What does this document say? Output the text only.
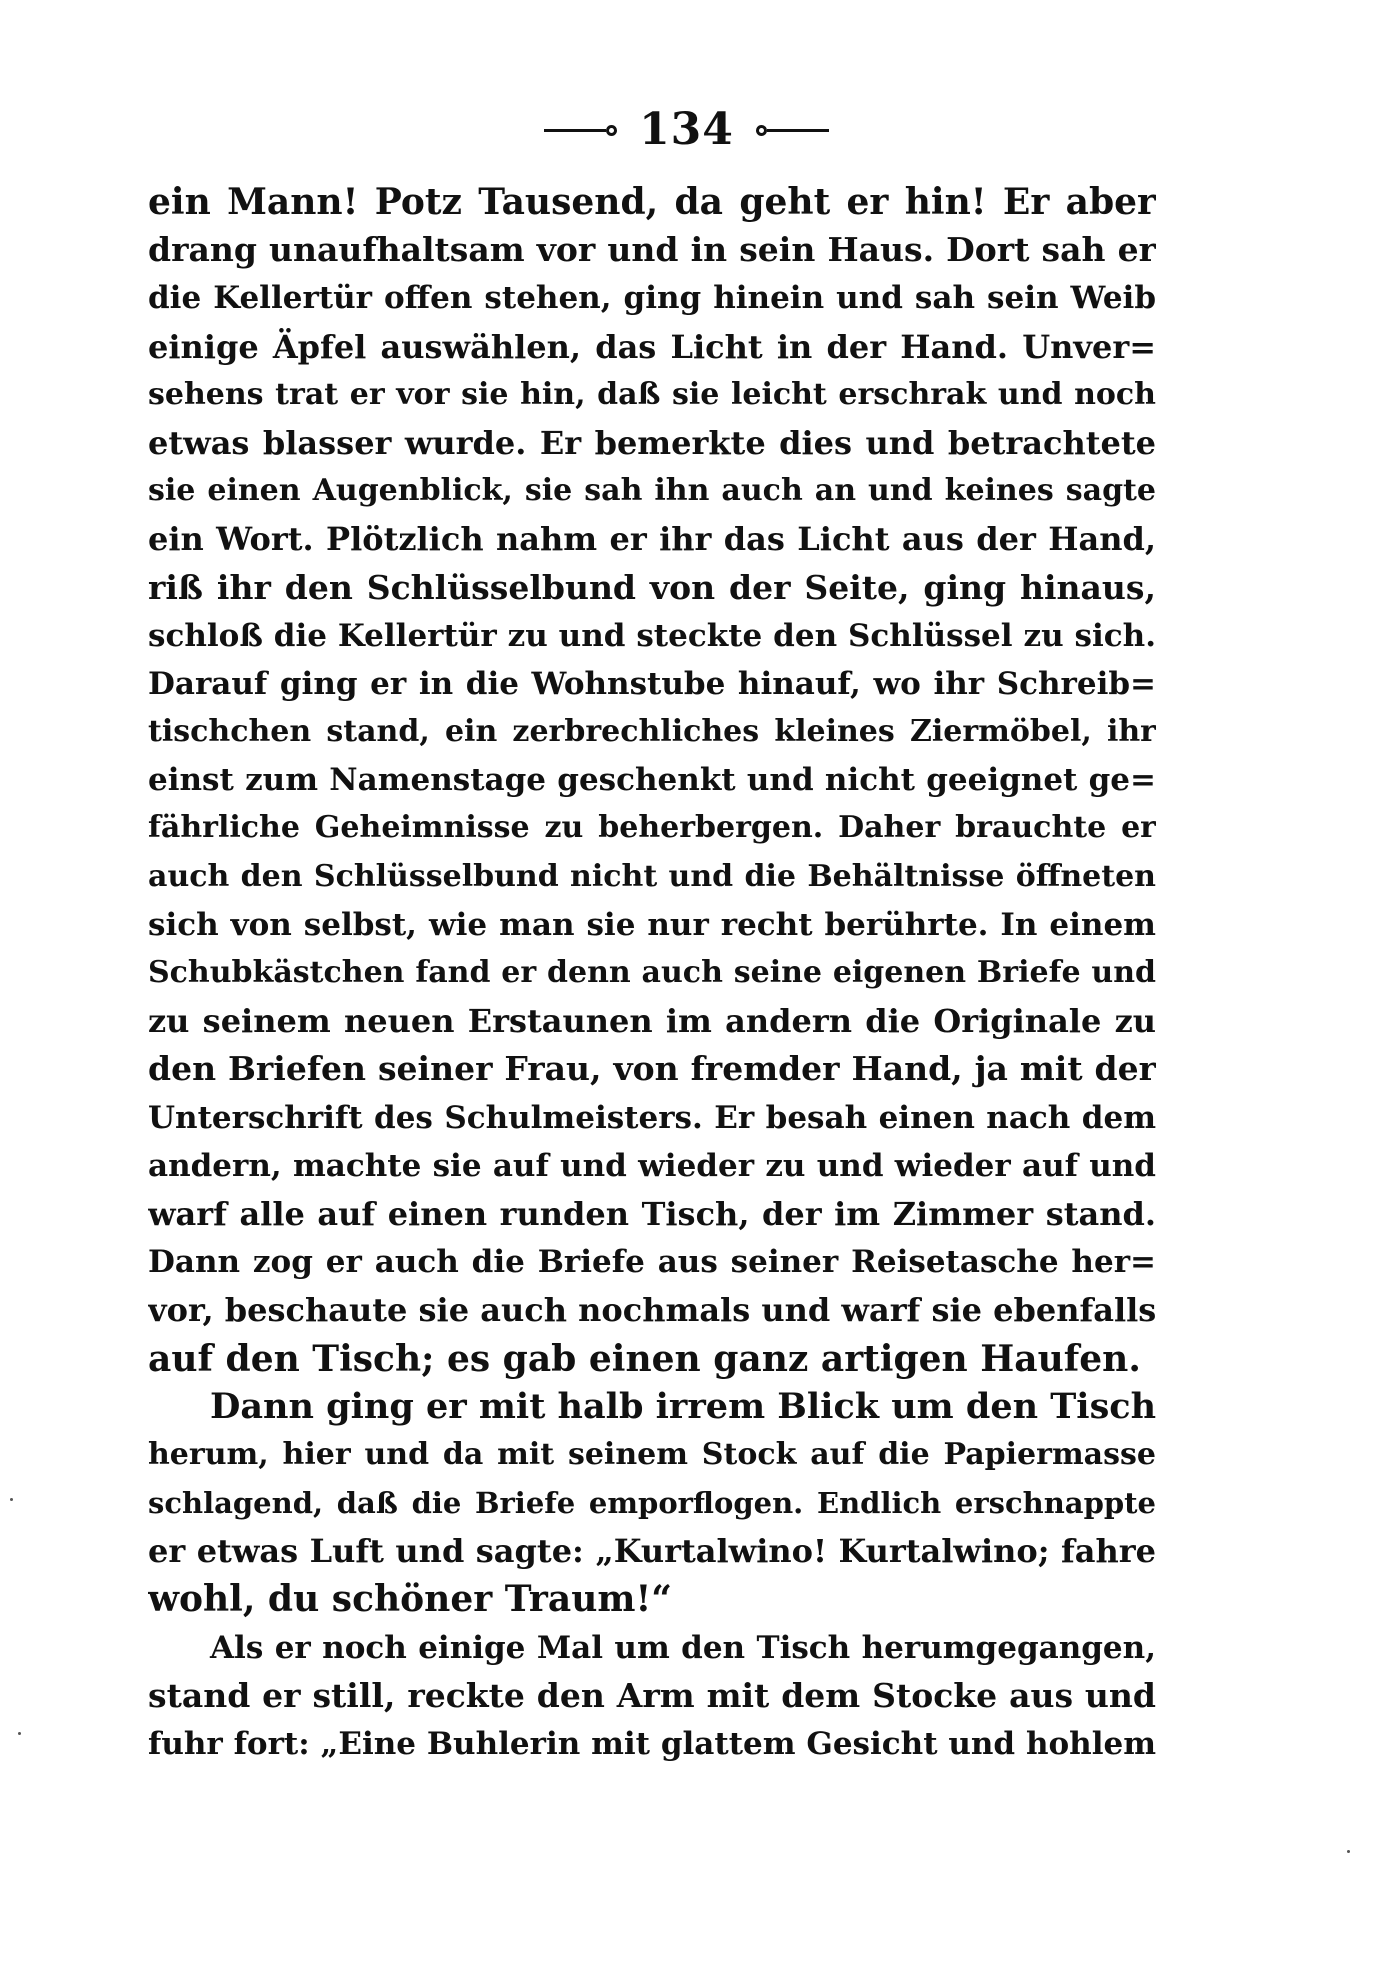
134
ein Mann! Potz Tausend, da geht er hin! Er aber
drang unaufhaltsam vor und in sein Haus. Dort sah er
die Kellertür offen stehen, ging hinein und sah sein Weib
einige Äpfel auswählen, das Licht in der Hand. Unver=
sehens trat er vor sie hin, daß sie leicht erschrak und noch
etwas blasser wurde. Er bemerkte dies und betrachtete
sie einen Augenblick, sie sah ihn auch an und keines sagte
ein Wort. Plötzlich nahm er ihr das Licht aus der Hand,
riß ihr den Schlüsselbund von der Seite, ging hinaus,
schloß die Kellertür zu und steckte den Schlüssel zu sich.
Darauf ging er in die Wohnstube hinauf, wo ihr Schreib=
tischchen stand, ein zerbrechliches kleines Ziermöbel, ihr
einst zum Namenstage geschenkt und nicht geeignet ge=
fährliche Geheimnisse zu beherbergen. Daher brauchte er
auch den Schlüsselbund nicht und die Behältnisse öffneten
sich von selbst, wie man sie nur recht berührte. In einem
Schubkästchen fand er denn auch seine eigenen Briefe und
zu seinem neuen Erstaunen im andern die Originale zu
den Briefen seiner Frau, von fremder Hand, ja mit der
Unterschrift des Schulmeisters. Er besah einen nach dem
andern, machte sie auf und wieder zu und wieder auf und
warf alle auf einen runden Tisch, der im Zimmer stand.
Dann zog er auch die Briefe aus seiner Reisetasche her=
vor, beschaute sie auch nochmals und warf sie ebenfalls
auf den Tisch; es gab einen ganz artigen Haufen.
Dann ging er mit halb irrem Blick um den Tisch
herum, hier und da mit seinem Stock auf die Papiermasse
schlagend, daß die Briefe emporflogen. Endlich erschnappte
er etwas Luft und sagte: „Kurtalwino! Kurtalwino; fahre
wohl, du schöner Traum!“
Als er noch einige Mal um den Tisch herumgegangen,
stand er still, reckte den Arm mit dem Stocke aus und
fuhr fort: „Eine Buhlerin mit glattem Gesicht und hohlem
